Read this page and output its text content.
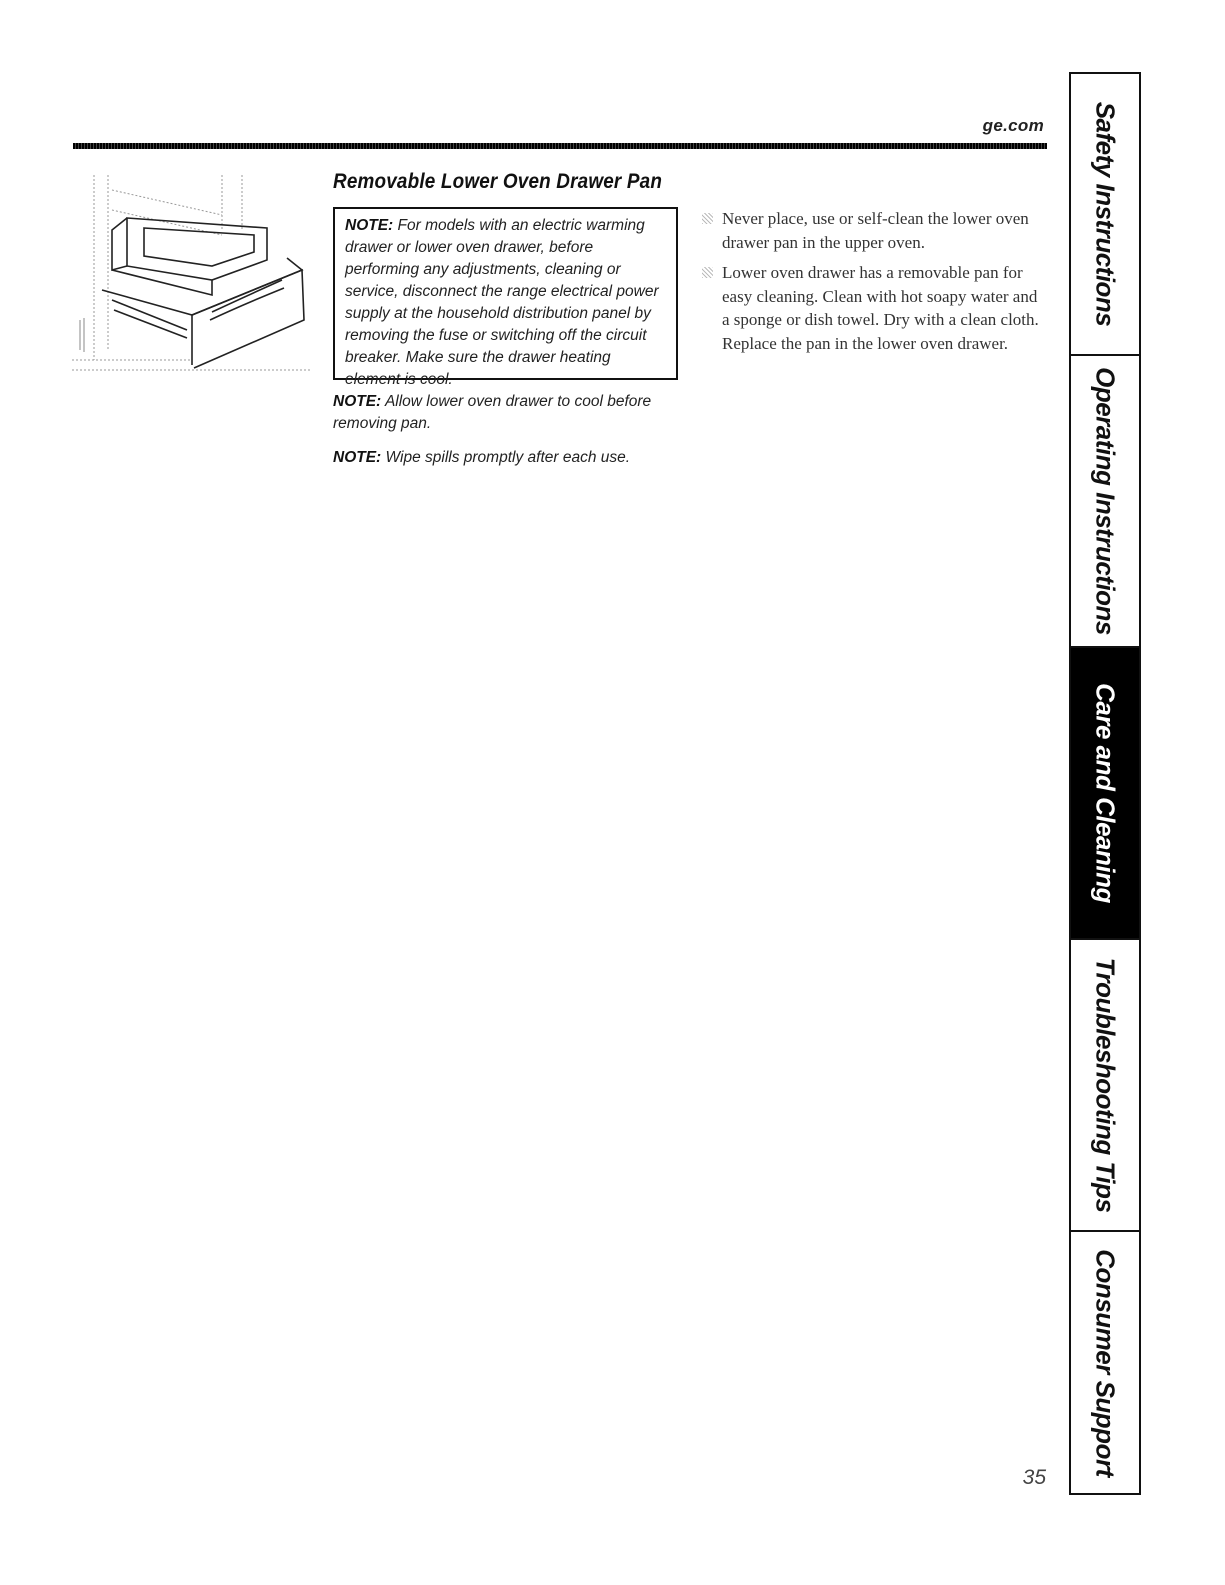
ge.com
Removable Lower Oven Drawer Pan

NOTE: For models with an electric warming drawer or lower oven drawer, before performing any adjustments, cleaning or service, disconnect the range electrical power supply at the household distribution panel by removing the fuse or switching off the circuit breaker. Make sure the drawer heating element is cool.

NOTE: Allow lower oven drawer to cool before removing pan.

NOTE: Wipe spills promptly after each use.

Never place, use or self-clean the lower oven drawer pan in the upper oven.
Lower oven drawer has a removable pan for easy cleaning. Clean with hot soapy water and a sponge or dish towel. Dry with a clean cloth. Replace the pan in the lower oven drawer.
35
Safety Instructions
Operating Instructions
Care and Cleaning
Troubleshooting Tips
Consumer Support
